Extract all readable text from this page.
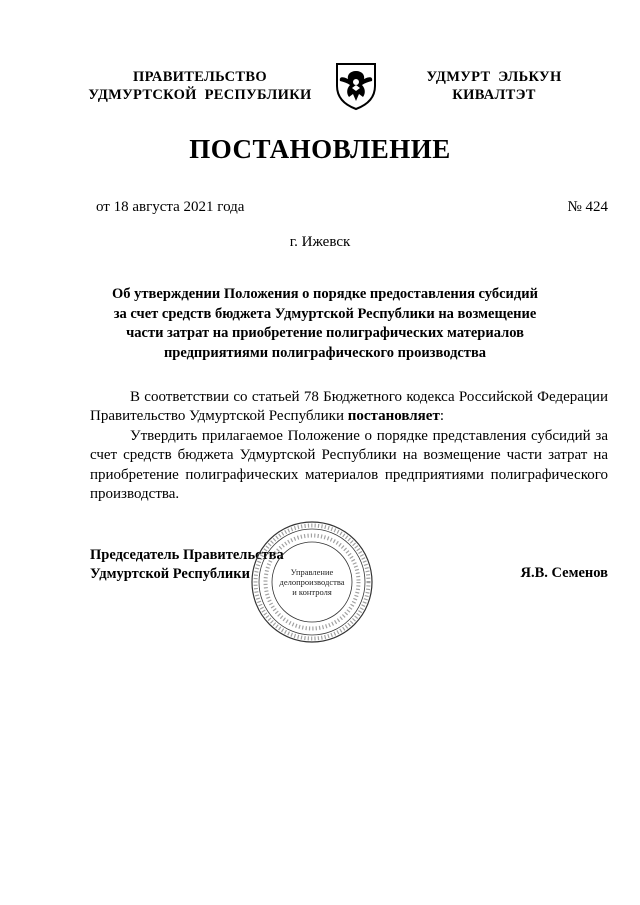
ПРАВИТЕЛЬСТВО
УДМУРТСКОЙ  РЕСПУБЛИКИ
УДМУРТ  ЭЛЬКУН
КИВАЛТЭТ
ПОСТАНОВЛЕНИЕ
от 18 августа 2021 года	№ 424
г. Ижевск
Об утверждении Положения о порядке предоставления субсидий
за счет средств бюджета Удмуртской Республики на возмещение
части затрат на приобретение полиграфических материалов
предприятиями полиграфического производства

В соответствии со статьей 78 Бюджетного кодекса Российской Федерации Правительство Удмуртской Республики постановляет:

Утвердить прилагаемое Положение о порядке представления субсидий за счет средств бюджета Удмуртской Республики на возмещение части затрат на приобретение полиграфических материалов предприятиями полиграфического производства.

Председатель Правительства
Удмуртской Республики	Управление
делопроизводства
и контроля
Я.В. Семенов
